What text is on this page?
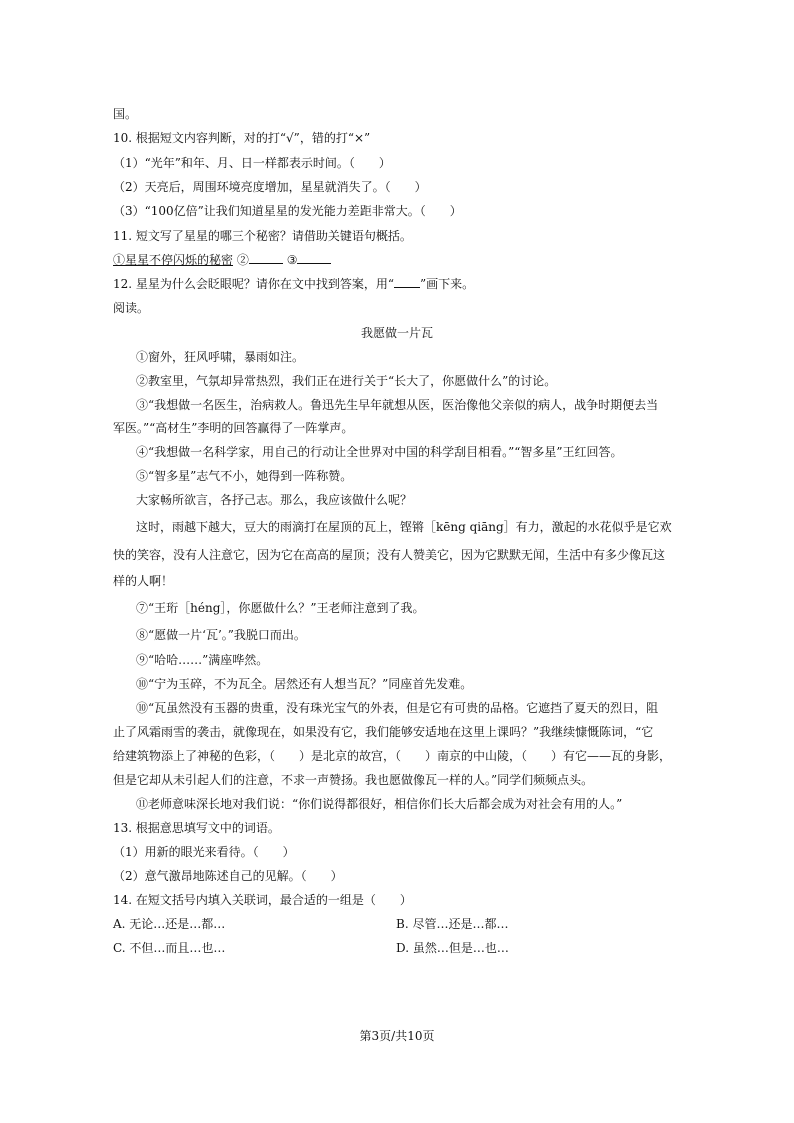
国。
10. 根据短文内容判断，对的打“√”，错的打“×”
（1）“光年”和年、月、日一样都表示时间。（　　）
（2）天亮后，周围环境亮度增加，星星就消失了。（　　）
（3）“100亿倍”让我们知道星星的发光能力差距非常大。（　　）
11. 短文写了星星的哪三个秘密？请借助关键语句概括。
①星星不停闪烁的秘密 ②	③
12. 星星为什么会眨眼呢？请你在文中找到答案，用“ ”画下来。
阅读。
我愿做一片瓦
①窗外，狂风呼啸，暴雨如注。
②教室里，气氛却异常热烈，我们正在进行关于“长大了，你愿做什么”的讨论。
③“我想做一名医生，治病救人。鲁迅先生早年就想从医，医治像他父亲似的病人，战争时期便去当
军医。”“高材生”李明的回答赢得了一阵掌声。
④“我想做一名科学家，用自己的行动让全世界对中国的科学刮目相看。”“智多星”王红回答。
⑤“智多星”志气不小，她得到一阵称赞。
大家畅所欲言，各抒己志。那么，我应该做什么呢？
这时，雨越下越大，豆大的雨滴打在屋顶的瓦上，铿锵［kēng qiāng］有力，激起的水花似乎是它欢
快的笑容，没有人注意它，因为它在高高的屋顶；没有人赞美它，因为它默默无闻，生活中有多少像瓦这
样的人啊！
⑦“王珩［héng］，你愿做什么？”王老师注意到了我。
⑧“愿做一片‘瓦’。”我脱口而出。
⑨“哈哈……”满座哗然。
⑩“宁为玉碎，不为瓦全。居然还有人想当瓦？”同座首先发难。
⑩“瓦虽然没有玉器的贵重，没有珠光宝气的外表，但是它有可贵的品格。它遮挡了夏天的烈日，阻
止了风霜雨雪的袭击，就像现在，如果没有它，我们能够安适地在这里上课吗？”我继续慷慨陈词，“它
给建筑物添上了神秘的色彩，（　　）是北京的故宫，（　　）南京的中山陵，（　　）有它——瓦的身影，
但是它却从未引起人们的注意，不求一声赞扬。我也愿做像瓦一样的人。”同学们频频点头。
⑪老师意味深长地对我们说：“你们说得都很好，相信你们长大后都会成为对社会有用的人。”
13. 根据意思填写文中的词语。
（1）用新的眼光来看待。（　　）
（2）意气激昂地陈述自己的见解。（　　）
14. 在短文括号内填入关联词，最合适的一组是（　　）
A. 无论…还是…都…	B. 尽管…还是…都…
C. 不但…而且…也…	D. 虽然…但是…也…
第3页/共10页
